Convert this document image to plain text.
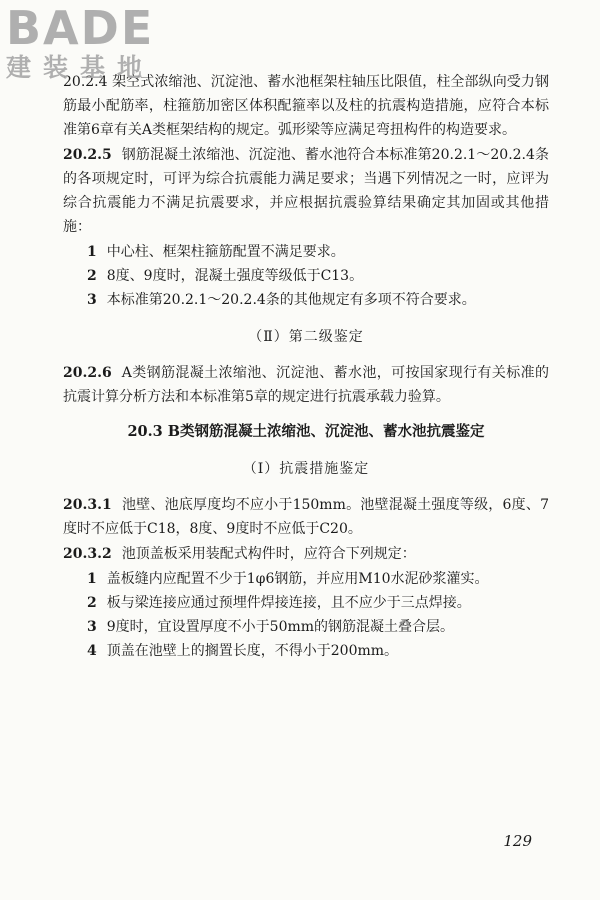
BADE
建装基地

20.2.4 架空式浓缩池、沉淀池、蓄水池框架柱轴压比限值，柱全部纵向受力钢筋最小配筋率，柱箍筋加密区体积配箍率以及柱的抗震构造措施，应符合本标准第6章有关A类框架结构的规定。弧形梁等应满足弯扭构件的构造要求。

20.2.5 钢筋混凝土浓缩池、沉淀池、蓄水池符合本标准第20.2.1～20.2.4条的各项规定时，可评为综合抗震能力满足要求；当遇下列情况之一时，应评为综合抗震能力不满足抗震要求，并应根据抗震验算结果确定其加固或其他措施：

1 中心柱、框架柱箍筋配置不满足要求。

2 8度、9度时，混凝土强度等级低于C13。

3 本标准第20.2.1～20.2.4条的其他规定有多项不符合要求。

（Ⅱ）第二级鉴定

20.2.6 A类钢筋混凝土浓缩池、沉淀池、蓄水池，可按国家现行有关标准的抗震计算分析方法和本标准第5章的规定进行抗震承载力验算。

20.3 B类钢筋混凝土浓缩池、沉淀池、蓄水池抗震鉴定

（Ⅰ）抗震措施鉴定

20.3.1 池壁、池底厚度均不应小于150mm。池壁混凝土强度等级，6度、7度时不应低于C18，8度、9度时不应低于C20。

20.3.2 池顶盖板采用装配式构件时，应符合下列规定：

1 盖板缝内应配置不少于1φ6钢筋，并应用M10水泥砂浆灌实。

2 板与梁连接应通过预埋件焊接连接，且不应少于三点焊接。

3 9度时，宜设置厚度不小于50mm的钢筋混凝土叠合层。

4 顶盖在池壁上的搁置长度，不得小于200mm。

129
